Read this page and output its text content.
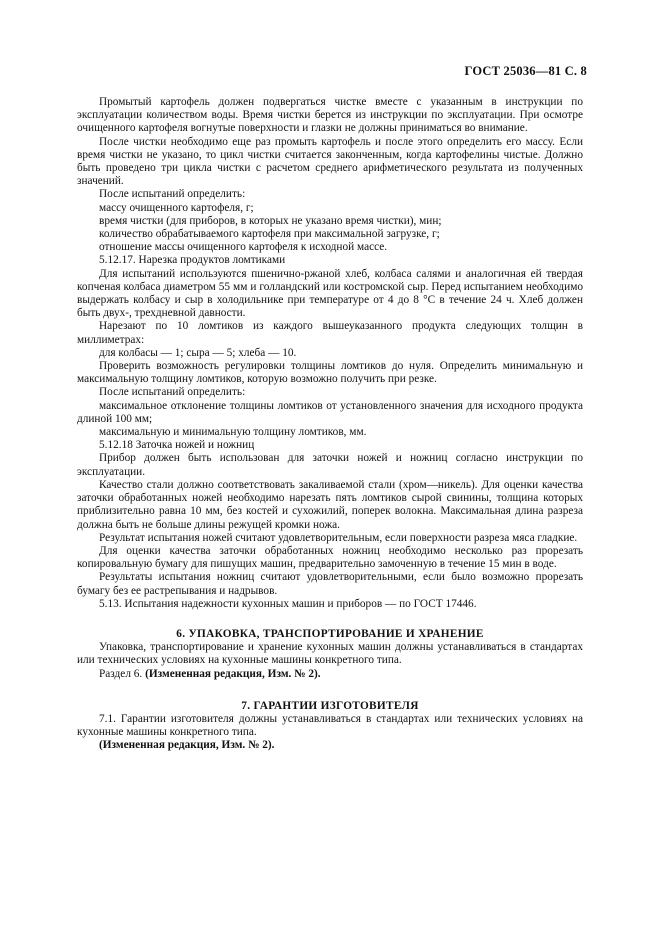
ГОСТ 25036—81 С. 8

Промытый картофель должен подвергаться чистке вместе с указанным в инструкции по эксплуатации количеством воды. Время чистки берется из инструкции по эксплуатации. При осмотре очищенного картофеля вогнутые поверхности и глазки не должны приниматься во внимание.

После чистки необходимо еще раз промыть картофель и после этого определить его массу. Если время чистки не указано, то цикл чистки считается законченным, когда картофелины чистые. Должно быть проведено три цикла чистки с расчетом среднего арифметического результата из полученных значений.

После испытаний определить:

массу очищенного картофеля, г;

время чистки (для приборов, в которых не указано время чистки), мин;

количество обрабатываемого картофеля при максимальной загрузке, г;

отношение массы очищенного картофеля к исходной массе.

5.12.17. Нарезка продуктов ломтиками

Для испытаний используются пшенично-ржаной хлеб, колбаса салями и аналогичная ей твердая копченая колбаса диаметром 55 мм и голландский или костромской сыр. Перед испытанием необходимо выдержать колбасу и сыр в холодильнике при температуре от 4 до 8 °С в течение 24 ч. Хлеб должен быть двух-, трехдневной давности.

Нарезают по 10 ломтиков из каждого вышеуказанного продукта следующих толщин в миллиметрах:

для колбасы — 1; сыра — 5; хлеба — 10.

Проверить возможность регулировки толщины ломтиков до нуля. Определить минимальную и максимальную толщину ломтиков, которую возможно получить при резке.

После испытаний определить:

максимальное отклонение толщины ломтиков от установленного значения для исходного продукта длиной 100 мм;

максимальную и минимальную толщину ломтиков, мм.

5.12.18 Заточка ножей и ножниц

Прибор должен быть использован для заточки ножей и ножниц согласно инструкции по эксплуатации.

Качество стали должно соответствовать закаливаемой стали (хром—никель). Для оценки качества заточки обработанных ножей необходимо нарезать пять ломтиков сырой свинины, толщина которых приблизительно равна 10 мм, без костей и сухожилий, поперек волокна. Максимальная длина разреза должна быть не больше длины режущей кромки ножа.

Результат испытания ножей считают удовлетворительным, если поверхности разреза мяса гладкие.

Для оценки качества заточки обработанных ножниц необходимо несколько раз прорезать копировальную бумагу для пишущих машин, предварительно замоченную в течение 15 мин в воде.

Результаты испытания ножниц считают удовлетворительными, если было возможно прорезать бумагу без ее растрепывания и надрывов.

5.13. Испытания надежности кухонных машин и приборов — по ГОСТ 17446.

6. УПАКОВКА, ТРАНСПОРТИРОВАНИЕ И ХРАНЕНИЕ

Упаковка, транспортирование и хранение кухонных машин должны устанавливаться в стандартах или технических условиях на кухонные машины конкретного типа.

Раздел 6. (Измененная редакция, Изм. № 2).

7. ГАРАНТИИ ИЗГОТОВИТЕЛЯ

7.1. Гарантии изготовителя должны устанавливаться в стандартах или технических условиях на кухонные машины конкретного типа.

(Измененная редакция, Изм. № 2).
